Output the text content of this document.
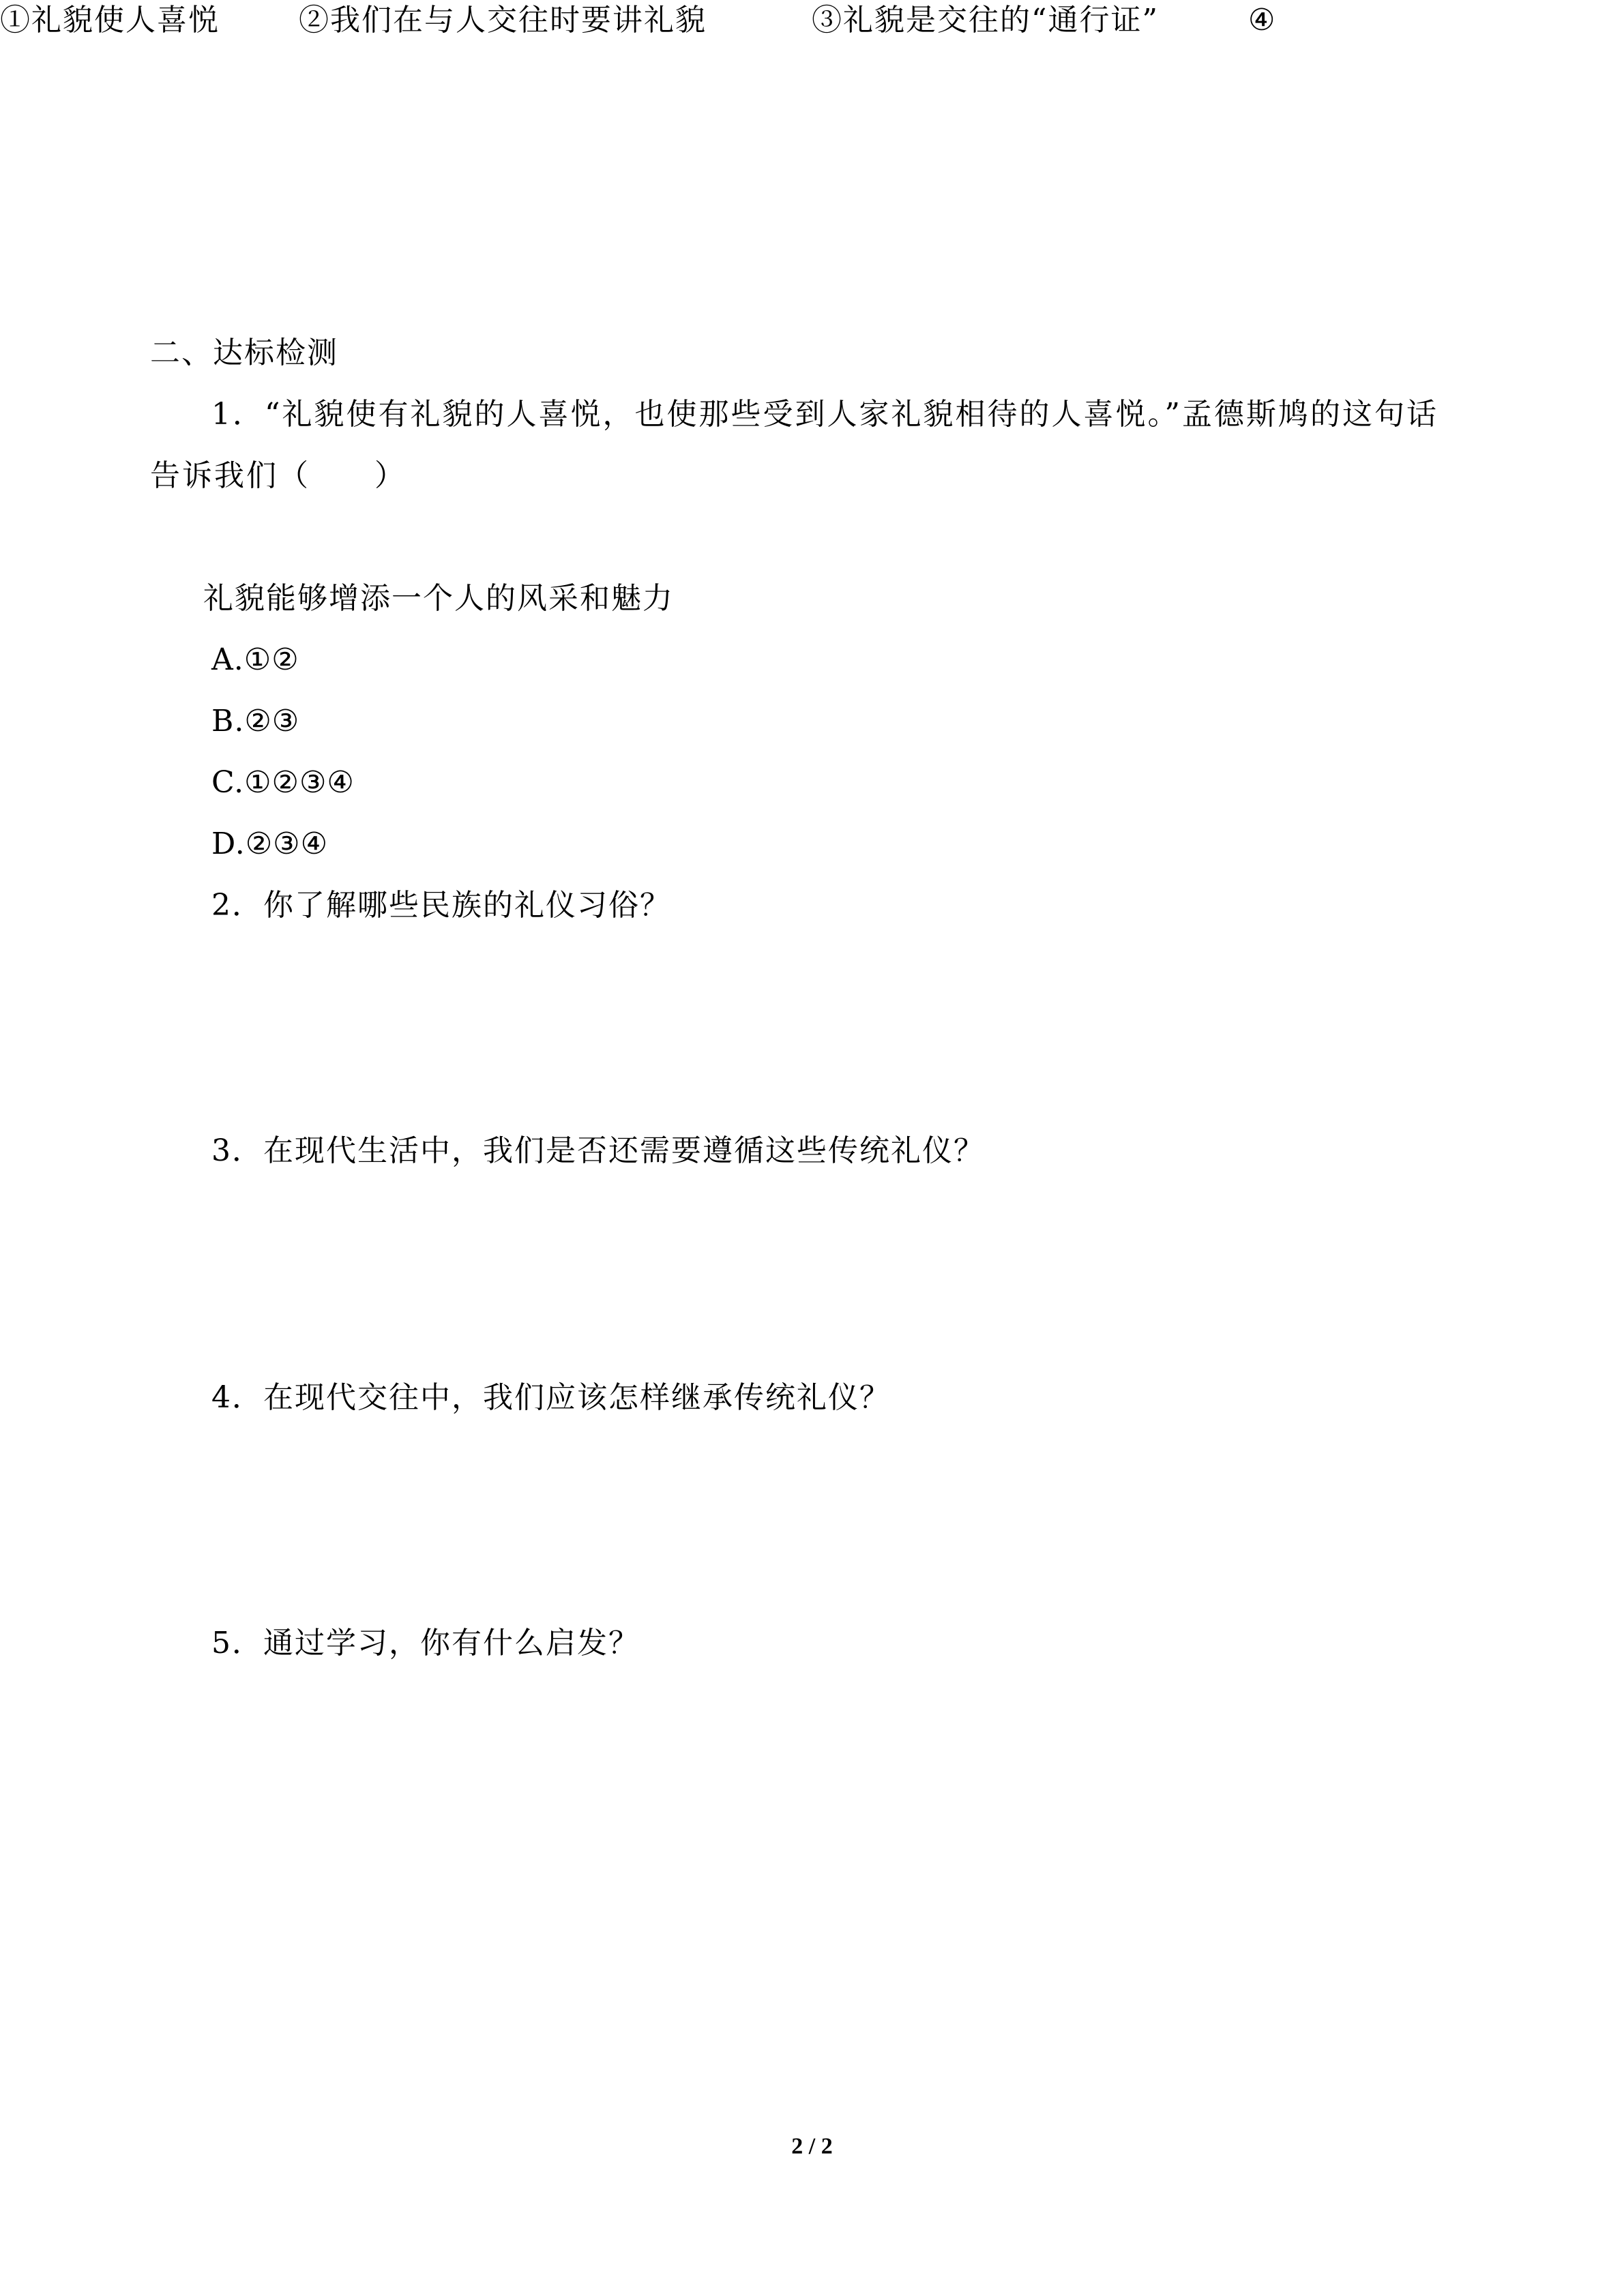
二、达标检测
1．“礼貌使有礼貌的人喜悦，也使那些受到人家礼貌相待的人喜悦。”孟德斯鸠的这句话
告诉我们（　　）
①礼貌使人喜悦	②我们在与人交往时要讲礼貌	③礼貌是交往的“通行证”	④
礼貌能够增添一个人的风采和魅力
A.①②
B.②③
C.①②③④
D.②③④
2．你了解哪些民族的礼仪习俗？
3．在现代生活中，我们是否还需要遵循这些传统礼仪？
4．在现代交往中，我们应该怎样继承传统礼仪？
5．通过学习，你有什么启发？
2 / 2
